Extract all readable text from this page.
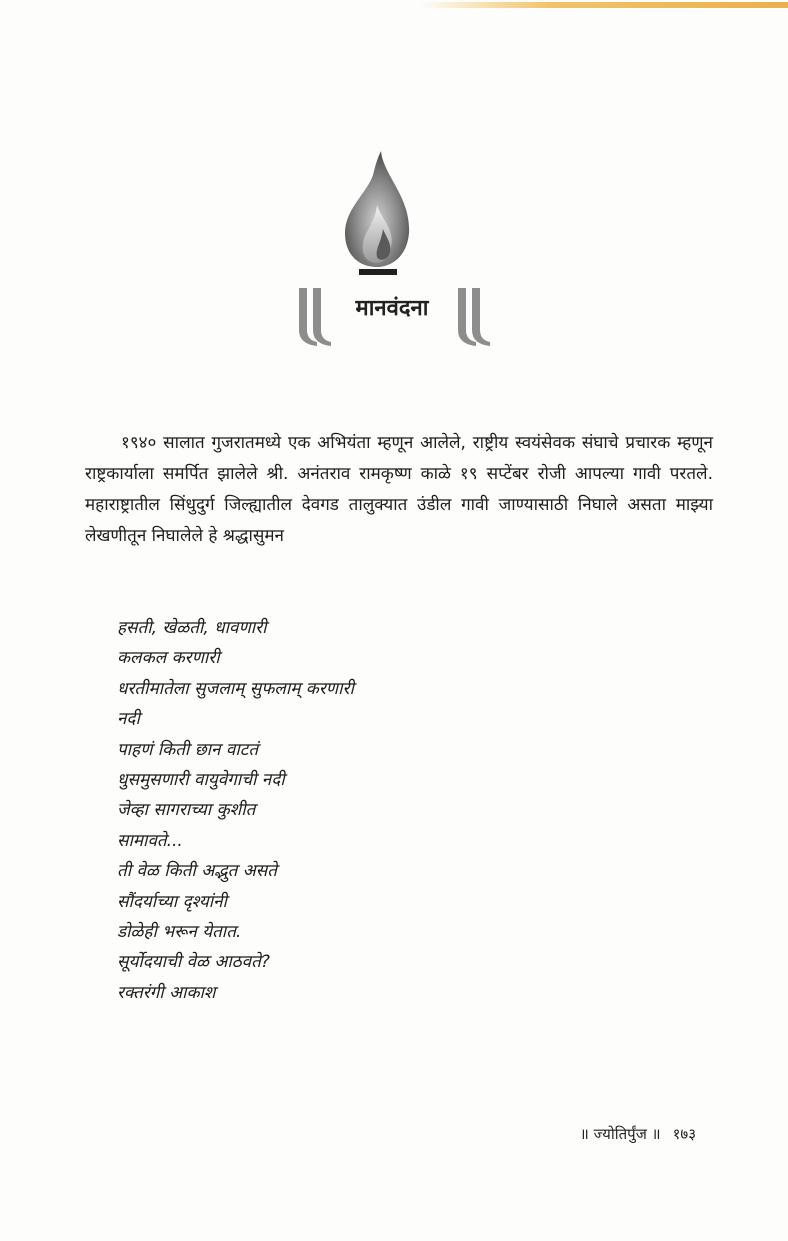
मानवंदना

१९४० सालात गुजरातमध्ये एक अभियंता म्हणून आलेले, राष्ट्रीय स्वयंसेवक संघाचे प्रचारक म्हणून राष्ट्रकार्याला समर्पित झालेले श्री. अनंतराव रामकृष्ण काळे १९ सप्टेंबर रोजी आपल्या गावी परतले. महाराष्ट्रातील सिंधुदुर्ग जिल्ह्यातील देवगड तालुक्यात उंडील गावी जाण्यासाठी निघाले असता माझ्या लेखणीतून निघालेले हे श्रद्धासुमन

हसती, खेळती, धावणारी
कलकल करणारी
धरतीमातेला सुजलाम् सुफलाम् करणारी
नदी
पाहणं किती छान वाटतं
धुसमुसणारी वायुवेगाची नदी
जेव्हा सागराच्या कुशीत
सामावते...
ती वेळ किती अद्भुत असते
सौंदर्याच्या दृश्यांनी
डोळेही भरून येतात.
सूर्योदयाची वेळ आठवते?
रक्तरंगी आकाश
॥ ज्योतिर्पुंज ॥ १७३
